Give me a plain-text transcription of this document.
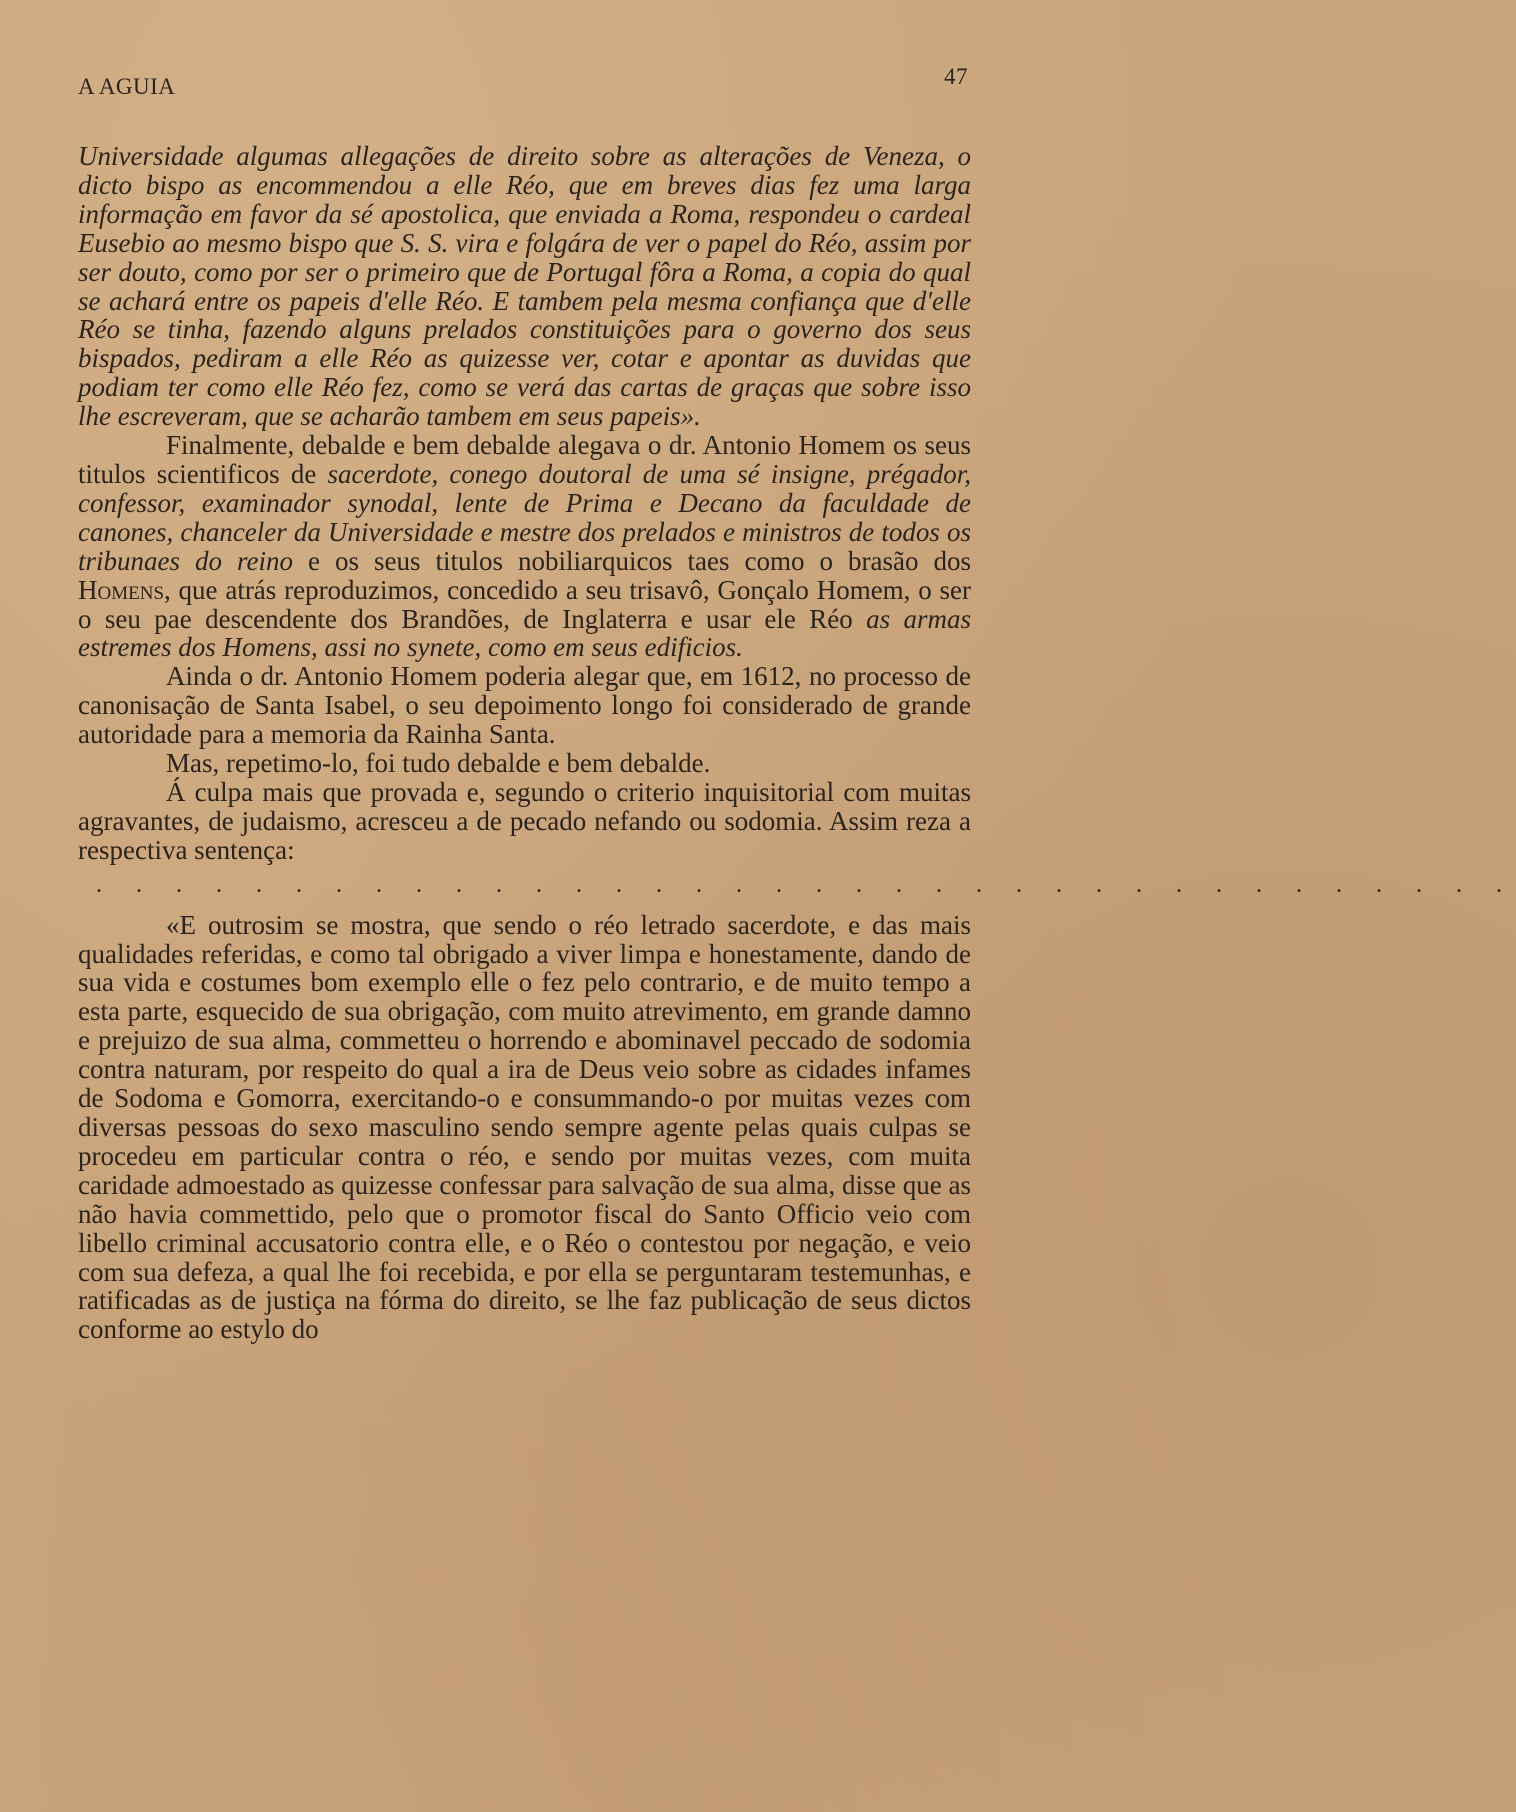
A AGUIA	47

Universidade algumas allegações de direito sobre as alterações de Veneza, o dicto bispo as encommendou a elle Réo, que em breves dias fez uma larga informação em favor da sé apostolica, que enviada a Roma, respondeu o cardeal Eusebio ao mesmo bispo que S. S. vira e folgára de ver o papel do Réo, assim por ser douto, como por ser o primeiro que de Portugal fôra a Roma, a copia do qual se achará entre os papeis d'elle Réo. E tambem pela mesma confiança que d'elle Réo se tinha, fazendo alguns prelados constituições para o governo dos seus bispados, pediram a elle Réo as quizesse ver, cotar e apontar as duvidas que podiam ter como elle Réo fez, como se verá das cartas de graças que sobre isso lhe escreveram, que se acharão tambem em seus papeis».

Finalmente, debalde e bem debalde alegava o dr. Antonio Homem os seus titulos scientificos de sacerdote, conego doutoral de uma sé insigne, prégador, confessor, examinador synodal, lente de Prima e Decano da faculdade de canones, chanceler da Universidade e mestre dos prelados e ministros de todos os tribunaes do reino e os seus titulos nobiliarquicos taes como o brasão dos Homens, que atrás reproduzimos, concedido a seu trisavô, Gonçalo Homem, o ser o seu pae descendente dos Brandões, de Inglaterra e usar ele Réo as armas estremes dos Homens, assi no synete, como em seus edificios.

Ainda o dr. Antonio Homem poderia alegar que, em 1612, no processo de canonisação de Santa Isabel, o seu depoimento longo foi considerado de grande autoridade para a memoria da Rainha Santa.

Mas, repetimo-lo, foi tudo debalde e bem debalde.

Á culpa mais que provada e, segundo o criterio inquisitorial com muitas agravantes, de judaismo, acresceu a de pecado nefando ou sodomia. Assim reza a respectiva sentença:

. . . . . . . . . . . . . . . . . . . . . . . . . . . . . . . . . . . .

«E outrosim se mostra, que sendo o réo letrado sacerdote, e das mais qualidades referidas, e como tal obrigado a viver limpa e honestamente, dando de sua vida e costumes bom exemplo elle o fez pelo contrario, e de muito tempo a esta parte, esquecido de sua obrigação, com muito atrevimento, em grande damno e prejuizo de sua alma, commetteu o horrendo e abominavel peccado de sodomia contra naturam, por respeito do qual a ira de Deus veio sobre as cidades infames de Sodoma e Gomorra, exercitando-o e consummando-o por muitas vezes com diversas pessoas do sexo masculino sendo sempre agente pelas quais culpas se procedeu em particular contra o réo, e sendo por muitas vezes, com muita caridade admoestado as quizesse confessar para salvação de sua alma, disse que as não havia commettido, pelo que o promotor fiscal do Santo Officio veio com libello criminal accusatorio contra elle, e o Réo o contestou por negação, e veio com sua defeza, a qual lhe foi recebida, e por ella se perguntaram testemunhas, e ratificadas as de justiça na fórma do direito, se lhe faz publicação de seus dictos conforme ao estylo do
